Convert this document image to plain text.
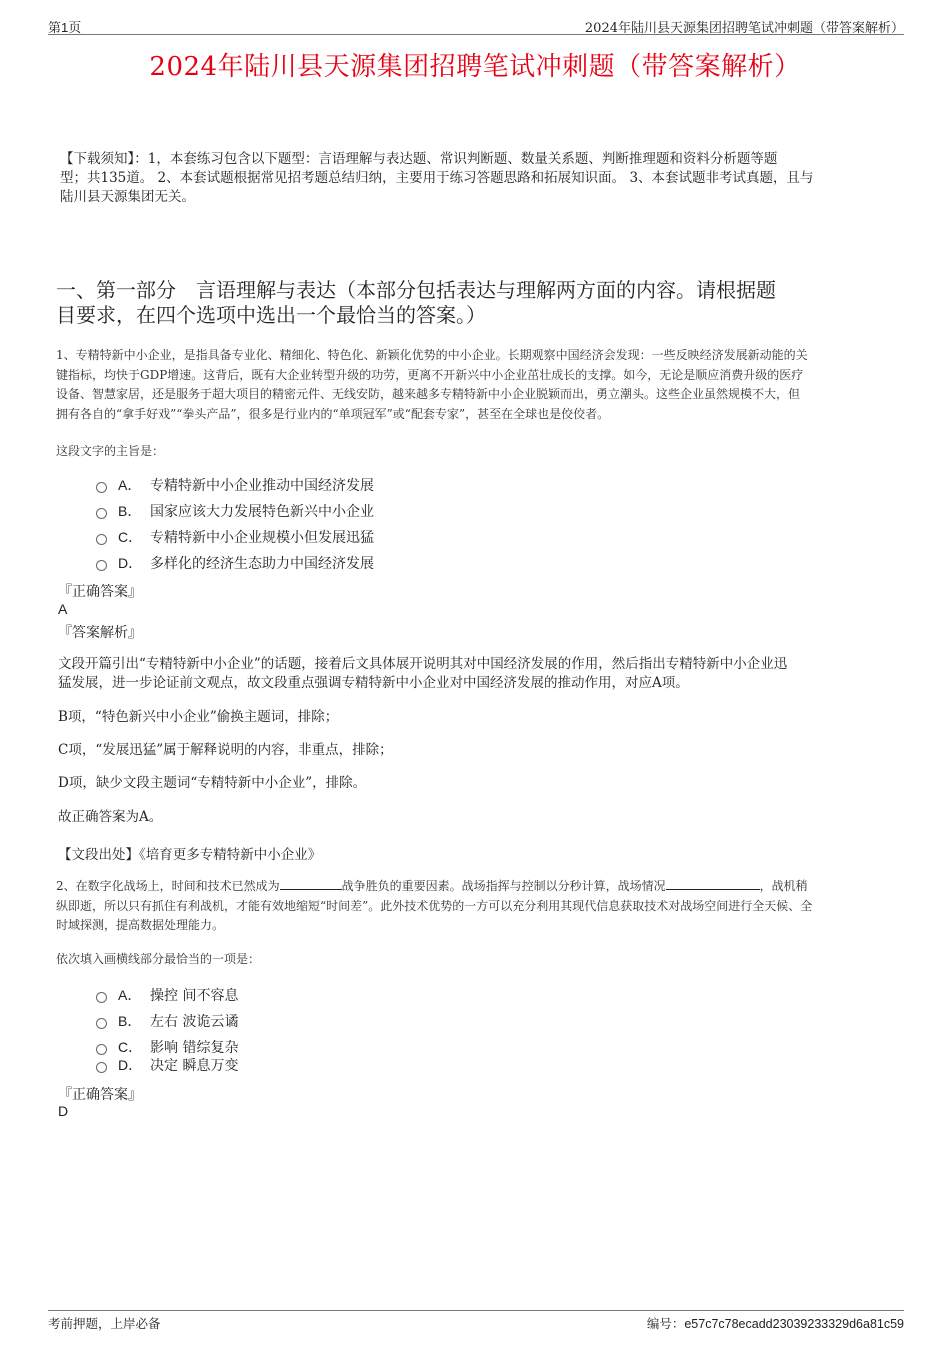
第1页	2024年陆川县天源集团招聘笔试冲刺题（带答案解析）
2024年陆川县天源集团招聘笔试冲刺题（带答案解析）
【下载须知】：1，本套练习包含以下题型：言语理解与表达题、常识判断题、数量关系题、判断推理题和资料分析题等题
型；共135道。 2、本套试题根据常见招考题总结归纳，主要用于练习答题思路和拓展知识面。 3、本套试题非考试真题，且与
陆川县天源集团无关。
一、第一部分　言语理解与表达（本部分包括表达与理解两方面的内容。请根据题
目要求，在四个选项中选出一个最恰当的答案。）
1、专精特新中小企业，是指具备专业化、精细化、特色化、新颖化优势的中小企业。长期观察中国经济会发现：一些反映经济发展新动能的关
键指标，均快于GDP增速。这背后，既有大企业转型升级的功劳，更离不开新兴中小企业茁壮成长的支撑。如今，无论是顺应消费升级的医疗
设备、智慧家居，还是服务于超大项目的精密元件、无线安防，越来越多专精特新中小企业脱颖而出，勇立潮头。这些企业虽然规模不大，但
拥有各自的“拿手好戏”“拳头产品”，很多是行业内的“单项冠军”或“配套专家”，甚至在全球也是佼佼者。
这段文字的主旨是：
A． 专精特新中小企业推动中国经济发展
B． 国家应该大力发展特色新兴中小企业
C． 专精特新中小企业规模小但发展迅猛
D． 多样化的经济生态助力中国经济发展
『正确答案』
A
『答案解析』
文段开篇引出“专精特新中小企业”的话题，接着后文具体展开说明其对中国经济发展的作用，然后指出专精特新中小企业迅
猛发展，进一步论证前文观点，故文段重点强调专精特新中小企业对中国经济发展的推动作用，对应A项。
B项，“特色新兴中小企业”偷换主题词，排除；
C项，“发展迅猛”属于解释说明的内容，非重点，排除；
D项，缺少文段主题词“专精特新中小企业”，排除。
故正确答案为A。
【文段出处】《培育更多专精特新中小企业》
2、在数字化战场上，时间和技术已然成为	战争胜负的重要因素。战场指挥与控制以分秒计算，战场情况	，战机稍
纵即逝，所以只有抓住有利战机，才能有效地缩短“时间差”。此外技术优势的一方可以充分利用其现代信息获取技术对战场空间进行全天候、全
时域探测，提高数据处理能力。
依次填入画横线部分最恰当的一项是：
A． 操控 间不容息
B． 左右 波诡云谲
C． 影响 错综复杂
D． 决定 瞬息万变
『正确答案』
D
考前押题，上岸必备	编号：e57c7c78ecadd23039233329d6a81c59
